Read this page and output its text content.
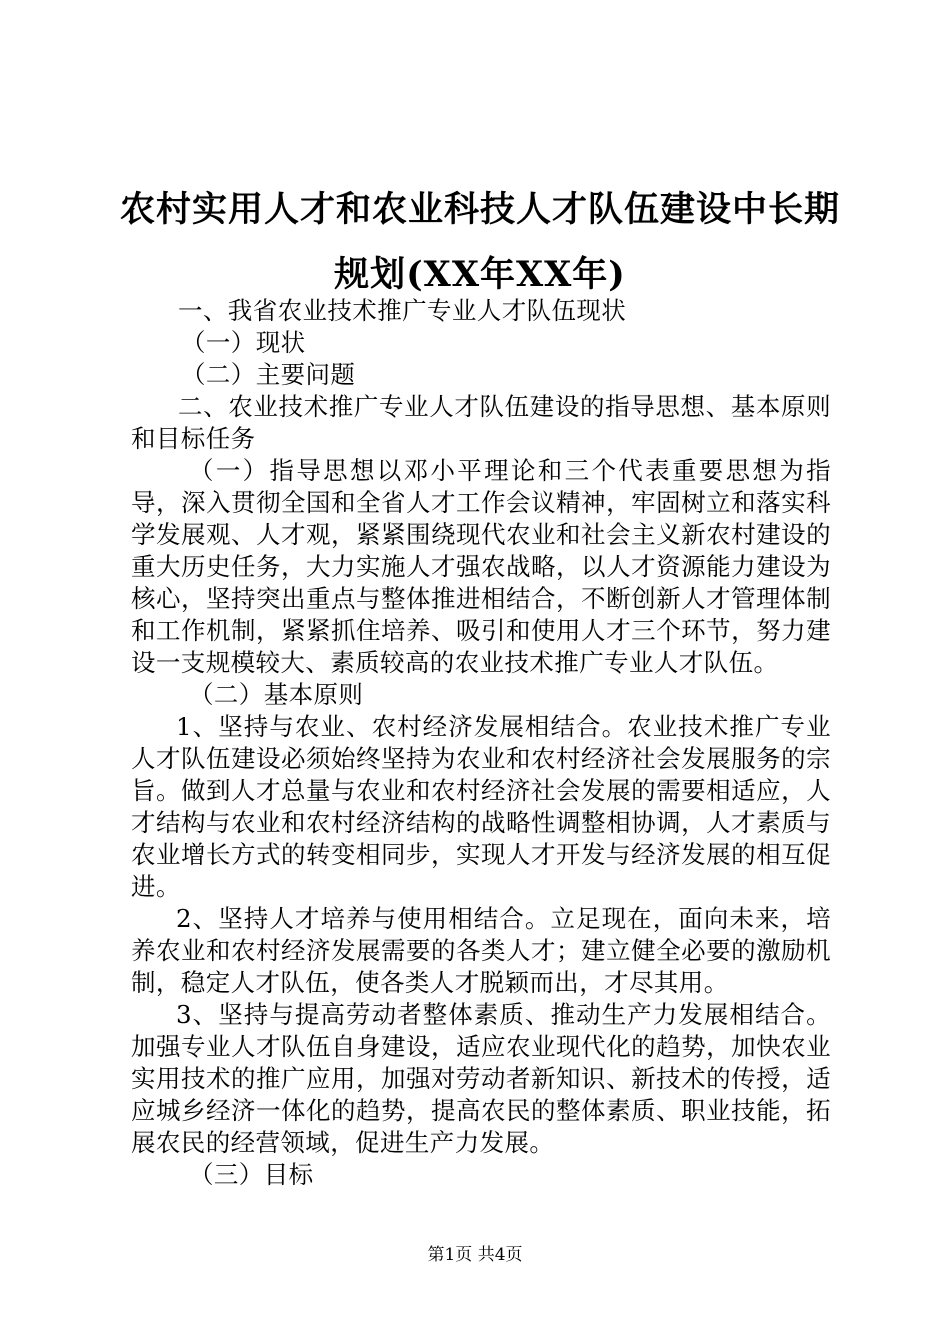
农村实用人才和农业科技人才队伍建设中长期
规划(XX年XX年)

一、我省农业技术推广专业人才队伍现状

（一）现状

（二）主要问题

二、农业技术推广专业人才队伍建设的指导思想、基本原则和目标任务

（一）指导思想以邓小平理论和三个代表重要思想为指导，深入贯彻全国和全省人才工作会议精神，牢固树立和落实科学发展观、人才观，紧紧围绕现代农业和社会主义新农村建设的重大历史任务，大力实施人才强农战略，以人才资源能力建设为核心，坚持突出重点与整体推进相结合，不断创新人才管理体制和工作机制，紧紧抓住培养、吸引和使用人才三个环节，努力建设一支规模较大、素质较高的农业技术推广专业人才队伍。

（二）基本原则

1、坚持与农业、农村经济发展相结合。农业技术推广专业人才队伍建设必须始终坚持为农业和农村经济社会发展服务的宗旨。做到人才总量与农业和农村经济社会发展的需要相适应，人才结构与农业和农村经济结构的战略性调整相协调，人才素质与农业增长方式的转变相同步，实现人才开发与经济发展的相互促进。

2、坚持人才培养与使用相结合。立足现在，面向未来，培养农业和农村经济发展需要的各类人才；建立健全必要的激励机制，稳定人才队伍，使各类人才脱颖而出，才尽其用。

3、坚持与提高劳动者整体素质、推动生产力发展相结合。加强专业人才队伍自身建设，适应农业现代化的趋势，加快农业实用技术的推广应用，加强对劳动者新知识、新技术的传授，适应城乡经济一体化的趋势，提高农民的整体素质、职业技能，拓展农民的经营领域，促进生产力发展。

（三）目标

第1页 共4页
